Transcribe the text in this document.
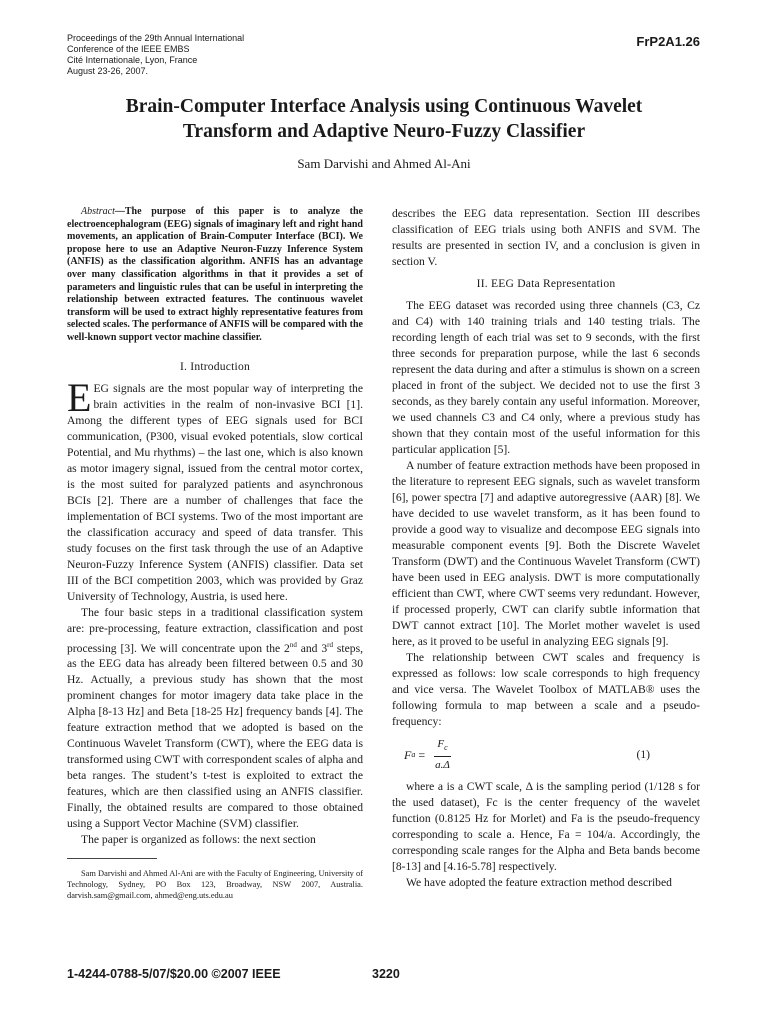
Proceedings of the 29th Annual International
Conference of the IEEE EMBS
Cité Internationale, Lyon, France
August 23-26, 2007.
FrP2A1.26
Brain-Computer Interface Analysis using Continuous Wavelet
Transform and Adaptive Neuro-Fuzzy Classifier
Sam Darvishi and Ahmed Al-Ani

Abstract—The purpose of this paper is to analyze the electroencephalogram (EEG) signals of imaginary left and right hand movements, an application of Brain-Computer Interface (BCI). We propose here to use an Adaptive Neuron-Fuzzy Inference System (ANFIS) as the classification algorithm. ANFIS has an advantage over many classification algorithms in that it provides a set of parameters and linguistic rules that can be useful in interpreting the relationship between extracted features. The continuous wavelet transform will be used to extract highly representative features from selected scales. The performance of ANFIS will be compared with the well-known support vector machine classifier.

I. Introduction

EEG signals are the most popular way of interpreting the brain activities in the realm of non-invasive BCI [1]. Among the different types of EEG signals used for BCI communication, (P300, visual evoked potentials, slow cortical Potential, and Mu rhythms) – the last one, which is also known as motor imagery signal, issued from the central motor cortex, is the most suited for paralyzed patients and asynchronous BCIs [2]. There are a number of challenges that face the implementation of BCI systems. Two of the most important are the classification accuracy and speed of data transfer. This study focuses on the first task through the use of an Adaptive Neuron-Fuzzy Inference System (ANFIS) classifier. Data set III of the BCI competition 2003, which was provided by Graz University of Technology, Austria, is used here.

The four basic steps in a traditional classification system are: pre-processing, feature extraction, classification and post processing [3]. We will concentrate upon the 2nd and 3rd steps, as the EEG data has already been filtered between 0.5 and 30 Hz. Actually, a previous study has shown that the most prominent changes for motor imagery data take place in the Alpha [8-13 Hz] and Beta [18-25 Hz] frequency bands [4]. The feature extraction method that we adopted is based on the Continuous Wavelet Transform (CWT), where the EEG data is transformed using CWT with correspondent scales of alpha and beta ranges. The student’s t-test is exploited to extract the features, which are then classified using an ANFIS classifier. Finally, the obtained results are compared to those obtained using a Support Vector Machine (SVM) classifier.

The paper is organized as follows: the next section

Sam Darvishi and Ahmed Al-Ani are with the Faculty of Engineering, University of Technology, Sydney, PO Box 123, Broadway, NSW 2007, Australia. darvish.sam@gmail.com, ahmed@eng.uts.edu.au

describes the EEG data representation. Section III describes classification of EEG trials using both ANFIS and SVM. The results are presented in section IV, and a conclusion is given in section V.

II. EEG Data Representation

The EEG dataset was recorded using three channels (C3, Cz and C4) with 140 training trials and 140 testing trials. The recording length of each trial was set to 9 seconds, with the first three seconds for preparation purpose, while the last 6 seconds represent the data during and after a stimulus is shown on a screen placed in front of the subject. We decided not to use the first 3 seconds, as they barely contain any useful information. Moreover, we used channels C3 and C4 only, where a previous study has shown that they contain most of the useful information for this particular application [5].

A number of feature extraction methods have been proposed in the literature to represent EEG signals, such as wavelet transform [6], power spectra [7] and adaptive autoregressive (AAR) [8]. We have decided to use wavelet transform, as it has been found to provide a good way to visualize and decompose EEG signals into measurable component events [9]. Both the Discrete Wavelet Transform (DWT) and the Continuous Wavelet Transform (CWT) have been used in EEG analysis. DWT is more computationally efficient than CWT, where CWT seems very redundant. However, if processed properly, CWT can clarify subtle information that DWT cannot extract [10]. The Morlet mother wavelet is used here, as it proved to be useful in analyzing EEG signals [9].

The relationship between CWT scales and frequency is expressed as follows: low scale corresponds to high frequency and vice versa. The Wavelet Toolbox of MATLAB® uses the following formula to map between a scale and a pseudo-frequency:

F $a = \frac{F_c}{a.\Delta}$	(1)

where a is a CWT scale, Δ is the sampling period (1/128 s for the used dataset), Fc is the center frequency of the wavelet function (0.8125 Hz for Morlet) and Fa is the pseudo-frequency corresponding to scale a. Hence, Fa = 104/a. Accordingly, the corresponding scale ranges for the Alpha and Beta bands become [8-13] and [4.16-5.78] respectively.

We have adopted the feature extraction method described

1-4244-0788-5/07/$20.00 ©2007 IEEE	3220
